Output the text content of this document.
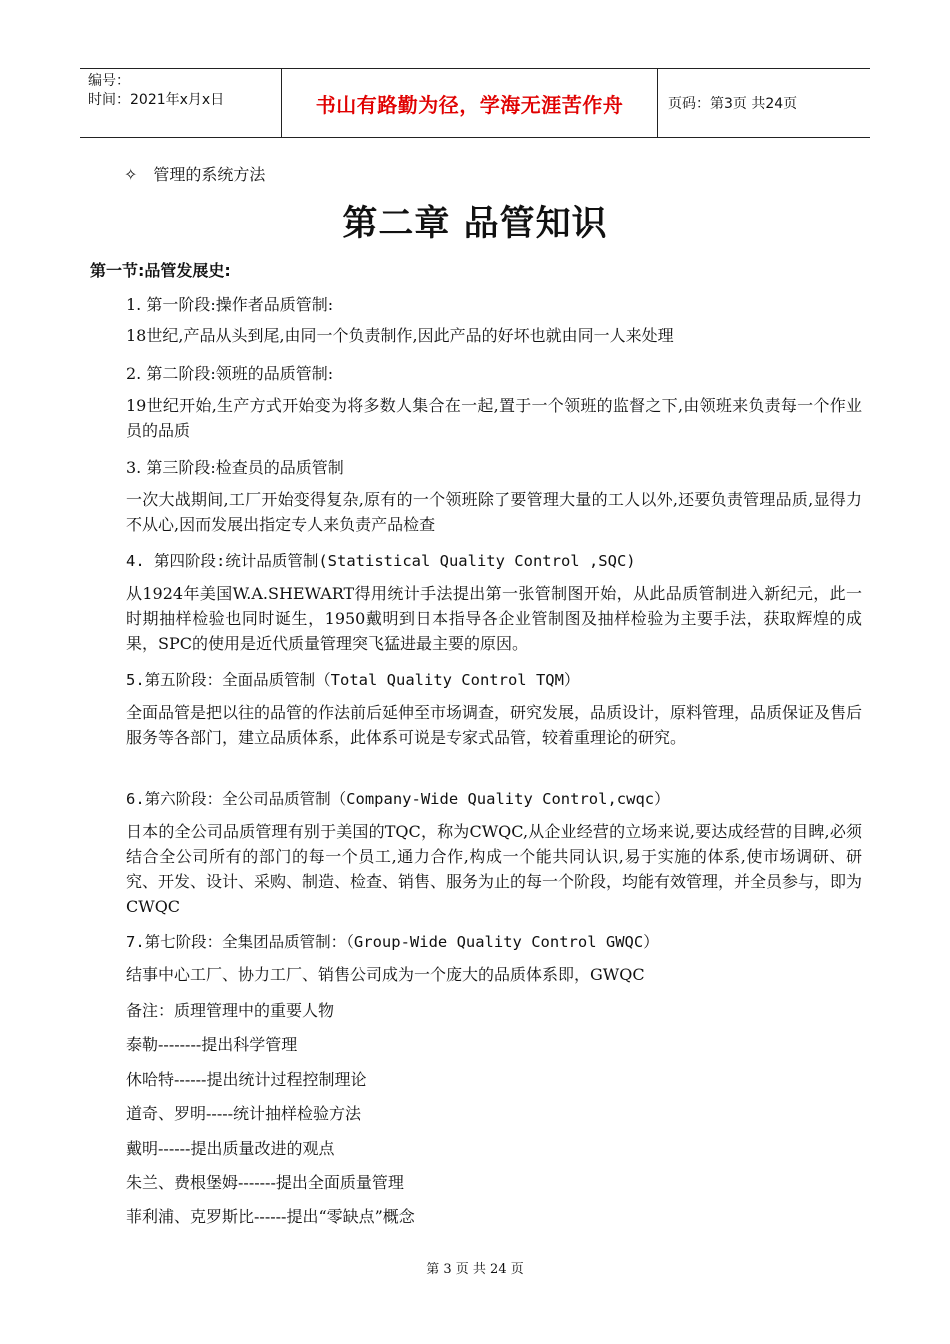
编号：
时间：2021年x月x日	书山有路勤为径，学海无涯苦作舟	页码：第3页 共24页
✧ 管理的系统方法
第二章 品管知识
第一节:品管发展史:
1. 第一阶段:操作者品质管制:
18世纪,产品从头到尾,由同一个负责制作,因此产品的好坏也就由同一人来处理
2. 第二阶段:领班的品质管制:
19世纪开始,生产方式开始变为将多数人集合在一起,置于一个领班的监督之下,由领班来负责每一个作业员的品质
3. 第三阶段:检查员的品质管制
一次大战期间,工厂开始变得复杂,原有的一个领班除了要管理大量的工人以外,还要负责管理品质,显得力不从心,因而发展出指定专人来负责产品检查
4. 第四阶段:统计品质管制(Statistical Quality Control ,SQC)
从1924年美国W.A.SHEWART得用统计手法提出第一张管制图开始，从此品质管制进入新纪元，此一时期抽样检验也同时诞生，1950戴明到日本指导各企业管制图及抽样检验为主要手法，获取辉煌的成果，SPC的使用是近代质量管理突飞猛进最主要的原因。
5.第五阶段：全面品质管制（Total Quality Control TQM）
全面品管是把以往的品管的作法前后延伸至市场调查，研究发展，品质设计，原料管理，品质保证及售后服务等各部门，建立品质体系，此体系可说是专家式品管，较着重理论的研究。
6.第六阶段：全公司品质管制（Company-Wide Quality Control,cwqc）
日本的全公司品质管理有别于美国的TQC，称为CWQC,从企业经营的立场来说,要达成经营的目睥,必须结合全公司所有的部门的每一个员工,通力合作,构成一个能共同认识,易于实施的体系,使市场调研、研究、开发、设计、采购、制造、检查、销售、服务为止的每一个阶段，均能有效管理，并全员参与，即为CWQC
7.第七阶段：全集团品质管制：（Group-Wide Quality Control GWQC）
结事中心工厂、协力工厂、销售公司成为一个庞大的品质体系即，GWQC
备注：质理管理中的重要人物
泰勒--------提出科学管理
休哈特------提出统计过程控制理论
道奇、罗明-----统计抽样检验方法
戴明------提出质量改进的观点
朱兰、费根堡姆-------提出全面质量管理
菲利浦、克罗斯比------提出“零缺点”概念
第 3 页 共 24 页
